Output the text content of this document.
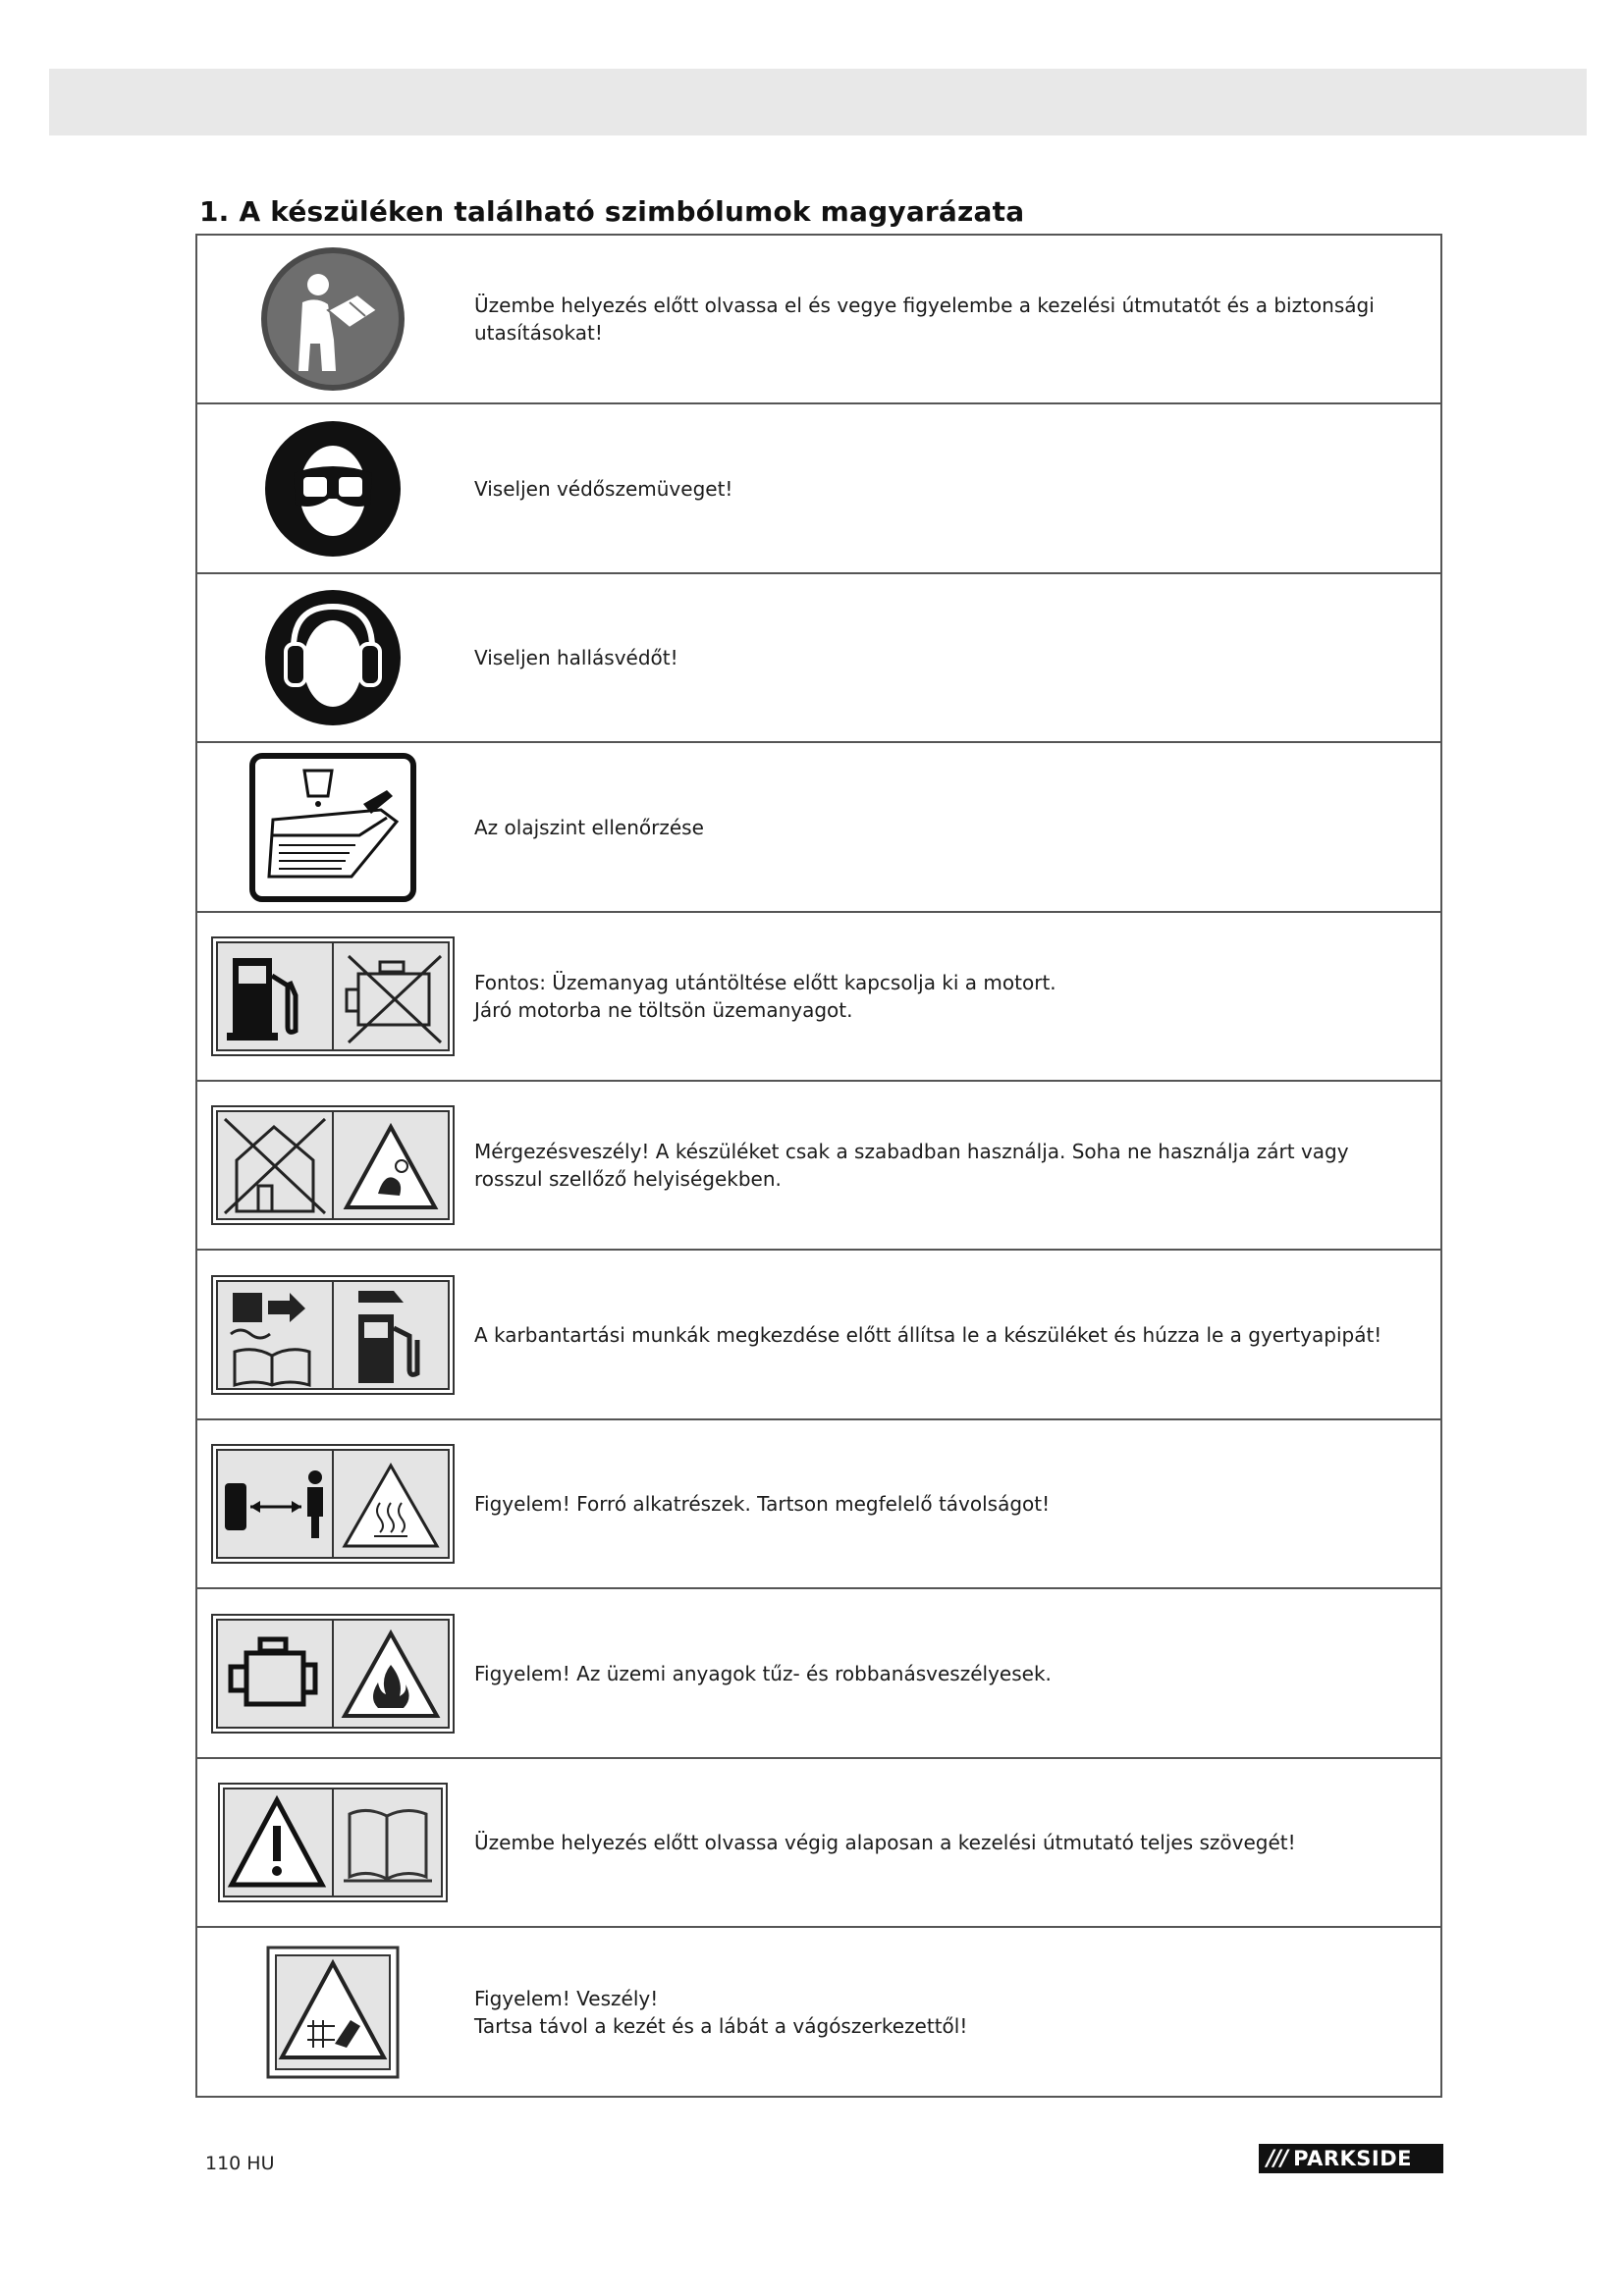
1. A készüléken található szimbólumok magyarázata

Üzembe helyezés előtt olvassa el és vegye figyelembe a kezelési útmutatót és a biztonsági utasításokat!

Viseljen védőszemüveget!

Viseljen hallásvédőt!

Az olajszint ellenőrzése

Fontos: Üzemanyag utántöltése előtt kapcsolja ki a motort.
Járó motorba ne töltsön üzemanyagot.

Mérgezésveszély! A készüléket csak a szabadban használja. Soha ne használja zárt vagy rosszul szellőző helyiségekben.

A karbantartási munkák megkezdése előtt állítsa le a készüléket és húzza le a gyertyapipát!

Figyelem! Forró alkatrészek. Tartson megfelelő távolságot!

Figyelem! Az üzemi anyagok tűz- és robbanásveszélyesek.

Üzembe helyezés előtt olvassa végig alaposan a kezelési útmutató teljes szövegét!

Figyelem! Veszély!
Tartsa távol a kezét és a lábát a vágószerkezettől!
110 HU	/// PARKSIDE
